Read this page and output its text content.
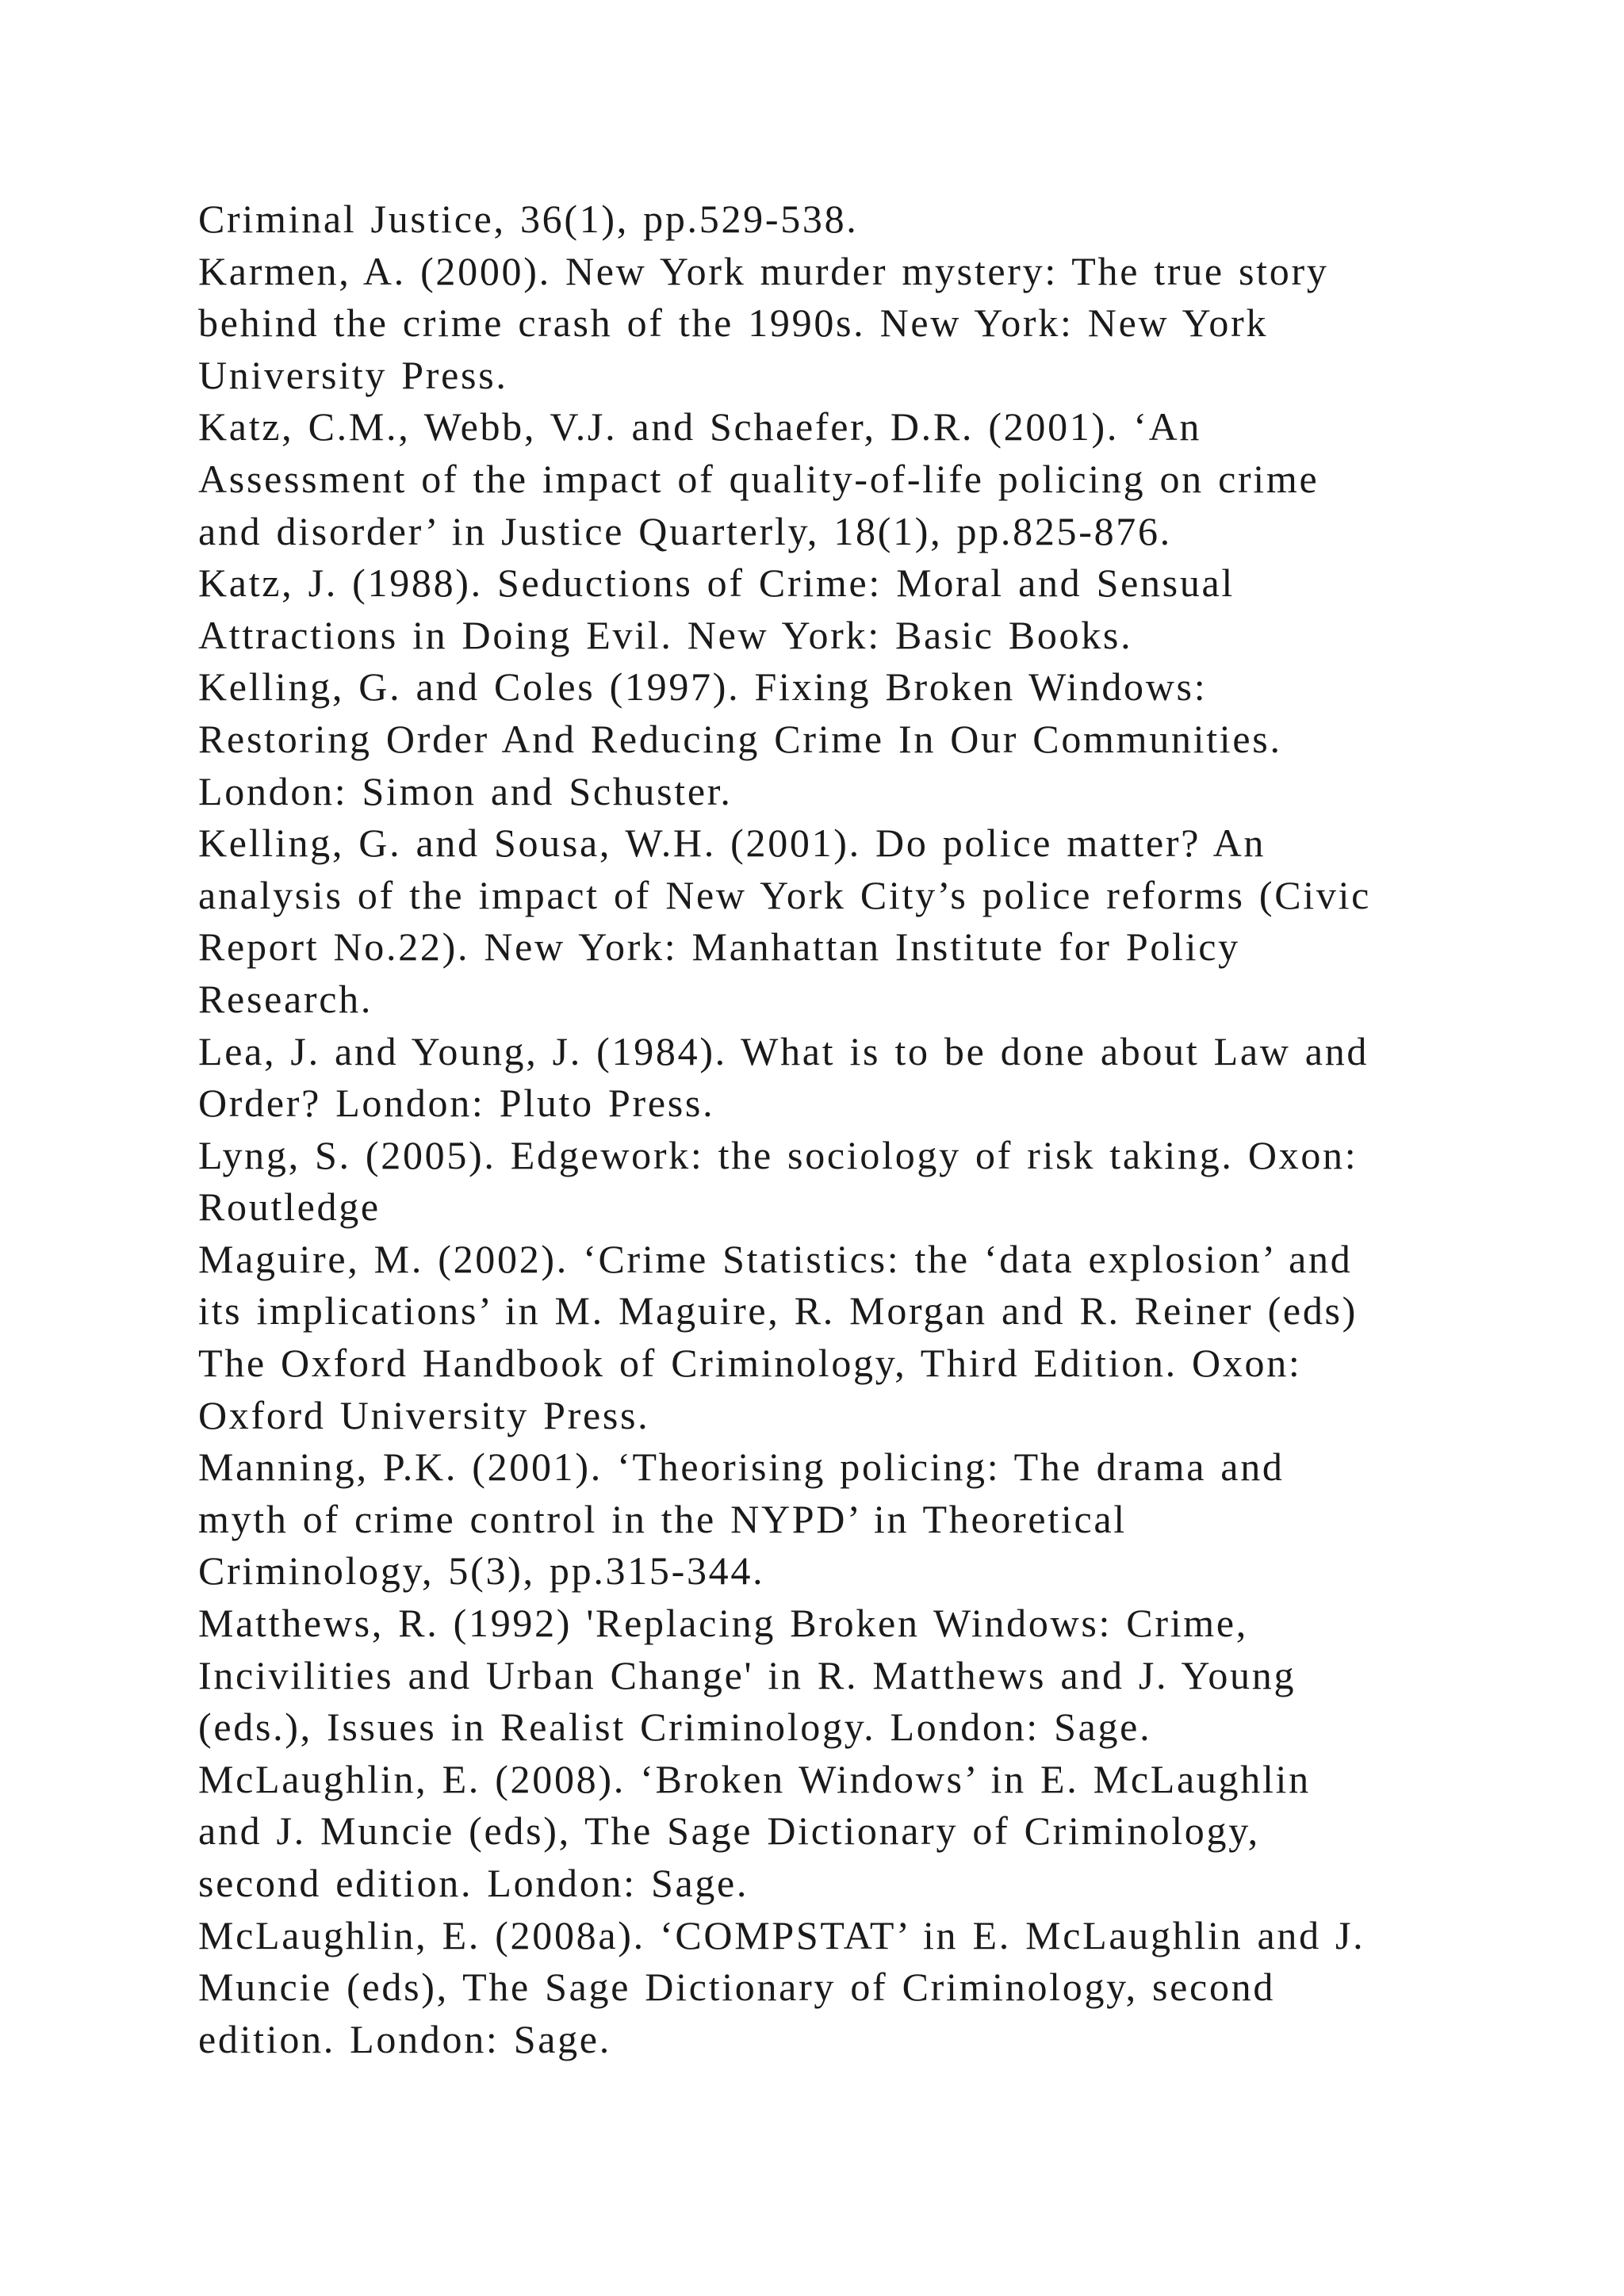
Criminal Justice, 36(1), pp.529-538.
Karmen, A. (2000). New York murder mystery: The true story
behind the crime crash of the 1990s. New York: New York
University Press.
Katz, C.M., Webb, V.J. and Schaefer, D.R. (2001). ‘An
Assessment of the impact of quality-of-life policing on crime
and disorder’ in Justice Quarterly, 18(1), pp.825-876.
Katz, J. (1988). Seductions of Crime: Moral and Sensual
Attractions in Doing Evil. New York: Basic Books.
Kelling, G. and Coles (1997). Fixing Broken Windows:
Restoring Order And Reducing Crime In Our Communities.
London: Simon and Schuster.
Kelling, G. and Sousa, W.H. (2001). Do police matter? An
analysis of the impact of New York City’s police reforms (Civic
Report No.22). New York: Manhattan Institute for Policy
Research.
Lea, J. and Young, J. (1984). What is to be done about Law and
Order? London: Pluto Press.
Lyng, S. (2005). Edgework: the sociology of risk taking. Oxon:
Routledge
Maguire, M. (2002). ‘Crime Statistics: the ‘data explosion’ and
its implications’ in M. Maguire, R. Morgan and R. Reiner (eds)
The Oxford Handbook of Criminology, Third Edition. Oxon:
Oxford University Press.
Manning, P.K. (2001). ‘Theorising policing: The drama and
myth of crime control in the NYPD’ in Theoretical
Criminology, 5(3), pp.315-344.
Matthews, R. (1992) 'Replacing Broken Windows: Crime,
Incivilities and Urban Change' in R. Matthews and J. Young
(eds.), Issues in Realist Criminology. London: Sage.
McLaughlin, E. (2008). ‘Broken Windows’ in E. McLaughlin
and J. Muncie (eds), The Sage Dictionary of Criminology,
second edition. London: Sage.
McLaughlin, E. (2008a). ‘COMPSTAT’ in E. McLaughlin and J.
Muncie (eds), The Sage Dictionary of Criminology, second
edition. London: Sage.
